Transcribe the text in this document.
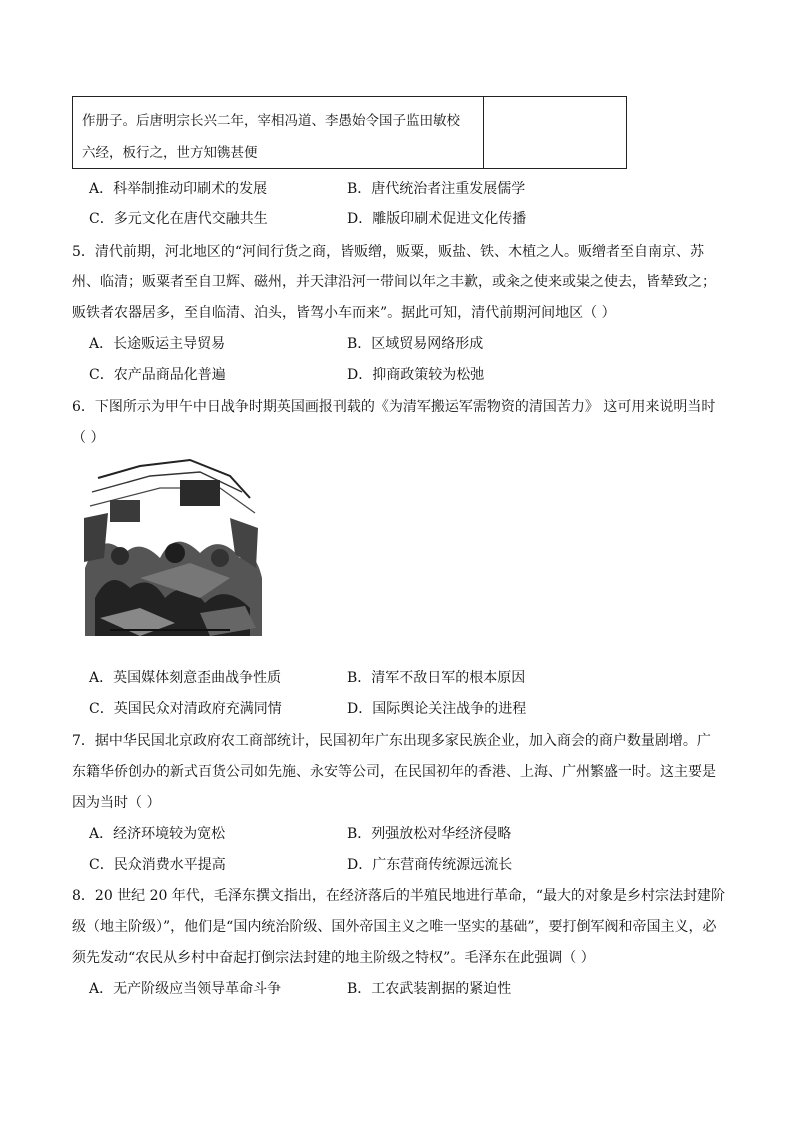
作册子。后唐明宗长兴二年，宰相冯道、李愚始令国子监田敏校
六经，板行之，世方知镌甚便
A．科举制推动印刷术的发展	B．唐代统治者注重发展儒学
C．多元文化在唐代交融共生	D．雕版印刷术促进文化传播
5．清代前期，河北地区的“河间行货之商，皆贩缯，贩粟，贩盐、铁、木植之人。贩缯者至自南京、苏
州、临清；贩粟者至自卫辉、磁州，并天津沿河一带间以年之丰歉，或籴之使来或粜之使去，皆辇致之；
贩铁者农器居多，至自临清、泊头，皆驾小车而来”。据此可知，清代前期河间地区（ ）
A．长途贩运主导贸易	B．区域贸易网络形成
C．农产品商品化普遍	D．抑商政策较为松弛
6．下图所示为甲午中日战争时期英国画报刊载的《为清军搬运军需物资的清国苦力》 这可用来说明当时
（ ）
A．英国媒体刻意歪曲战争性质	B．清军不敌日军的根本原因
C．英国民众对清政府充满同情	D．国际舆论关注战争的进程
7．据中华民国北京政府农工商部统计，民国初年广东出现多家民族企业，加入商会的商户数量剧增。广
东籍华侨创办的新式百货公司如先施、永安等公司，在民国初年的香港、上海、广州繁盛一时。这主要是
因为当时（ ）
A．经济环境较为宽松	B．列强放松对华经济侵略
C．民众消费水平提高	D．广东营商传统源远流长
8．20 世纪 20 年代，毛泽东撰文指出，在经济落后的半殖民地进行革命，“最大的对象是乡村宗法封建阶
级（地主阶级）”，他们是“国内统治阶级、国外帝国主义之唯一坚实的基础”，要打倒军阀和帝国主义，必
须先发动“农民从乡村中奋起打倒宗法封建的地主阶级之特权”。毛泽东在此强调（ ）
A．无产阶级应当领导革命斗争	B．工农武装割据的紧迫性
